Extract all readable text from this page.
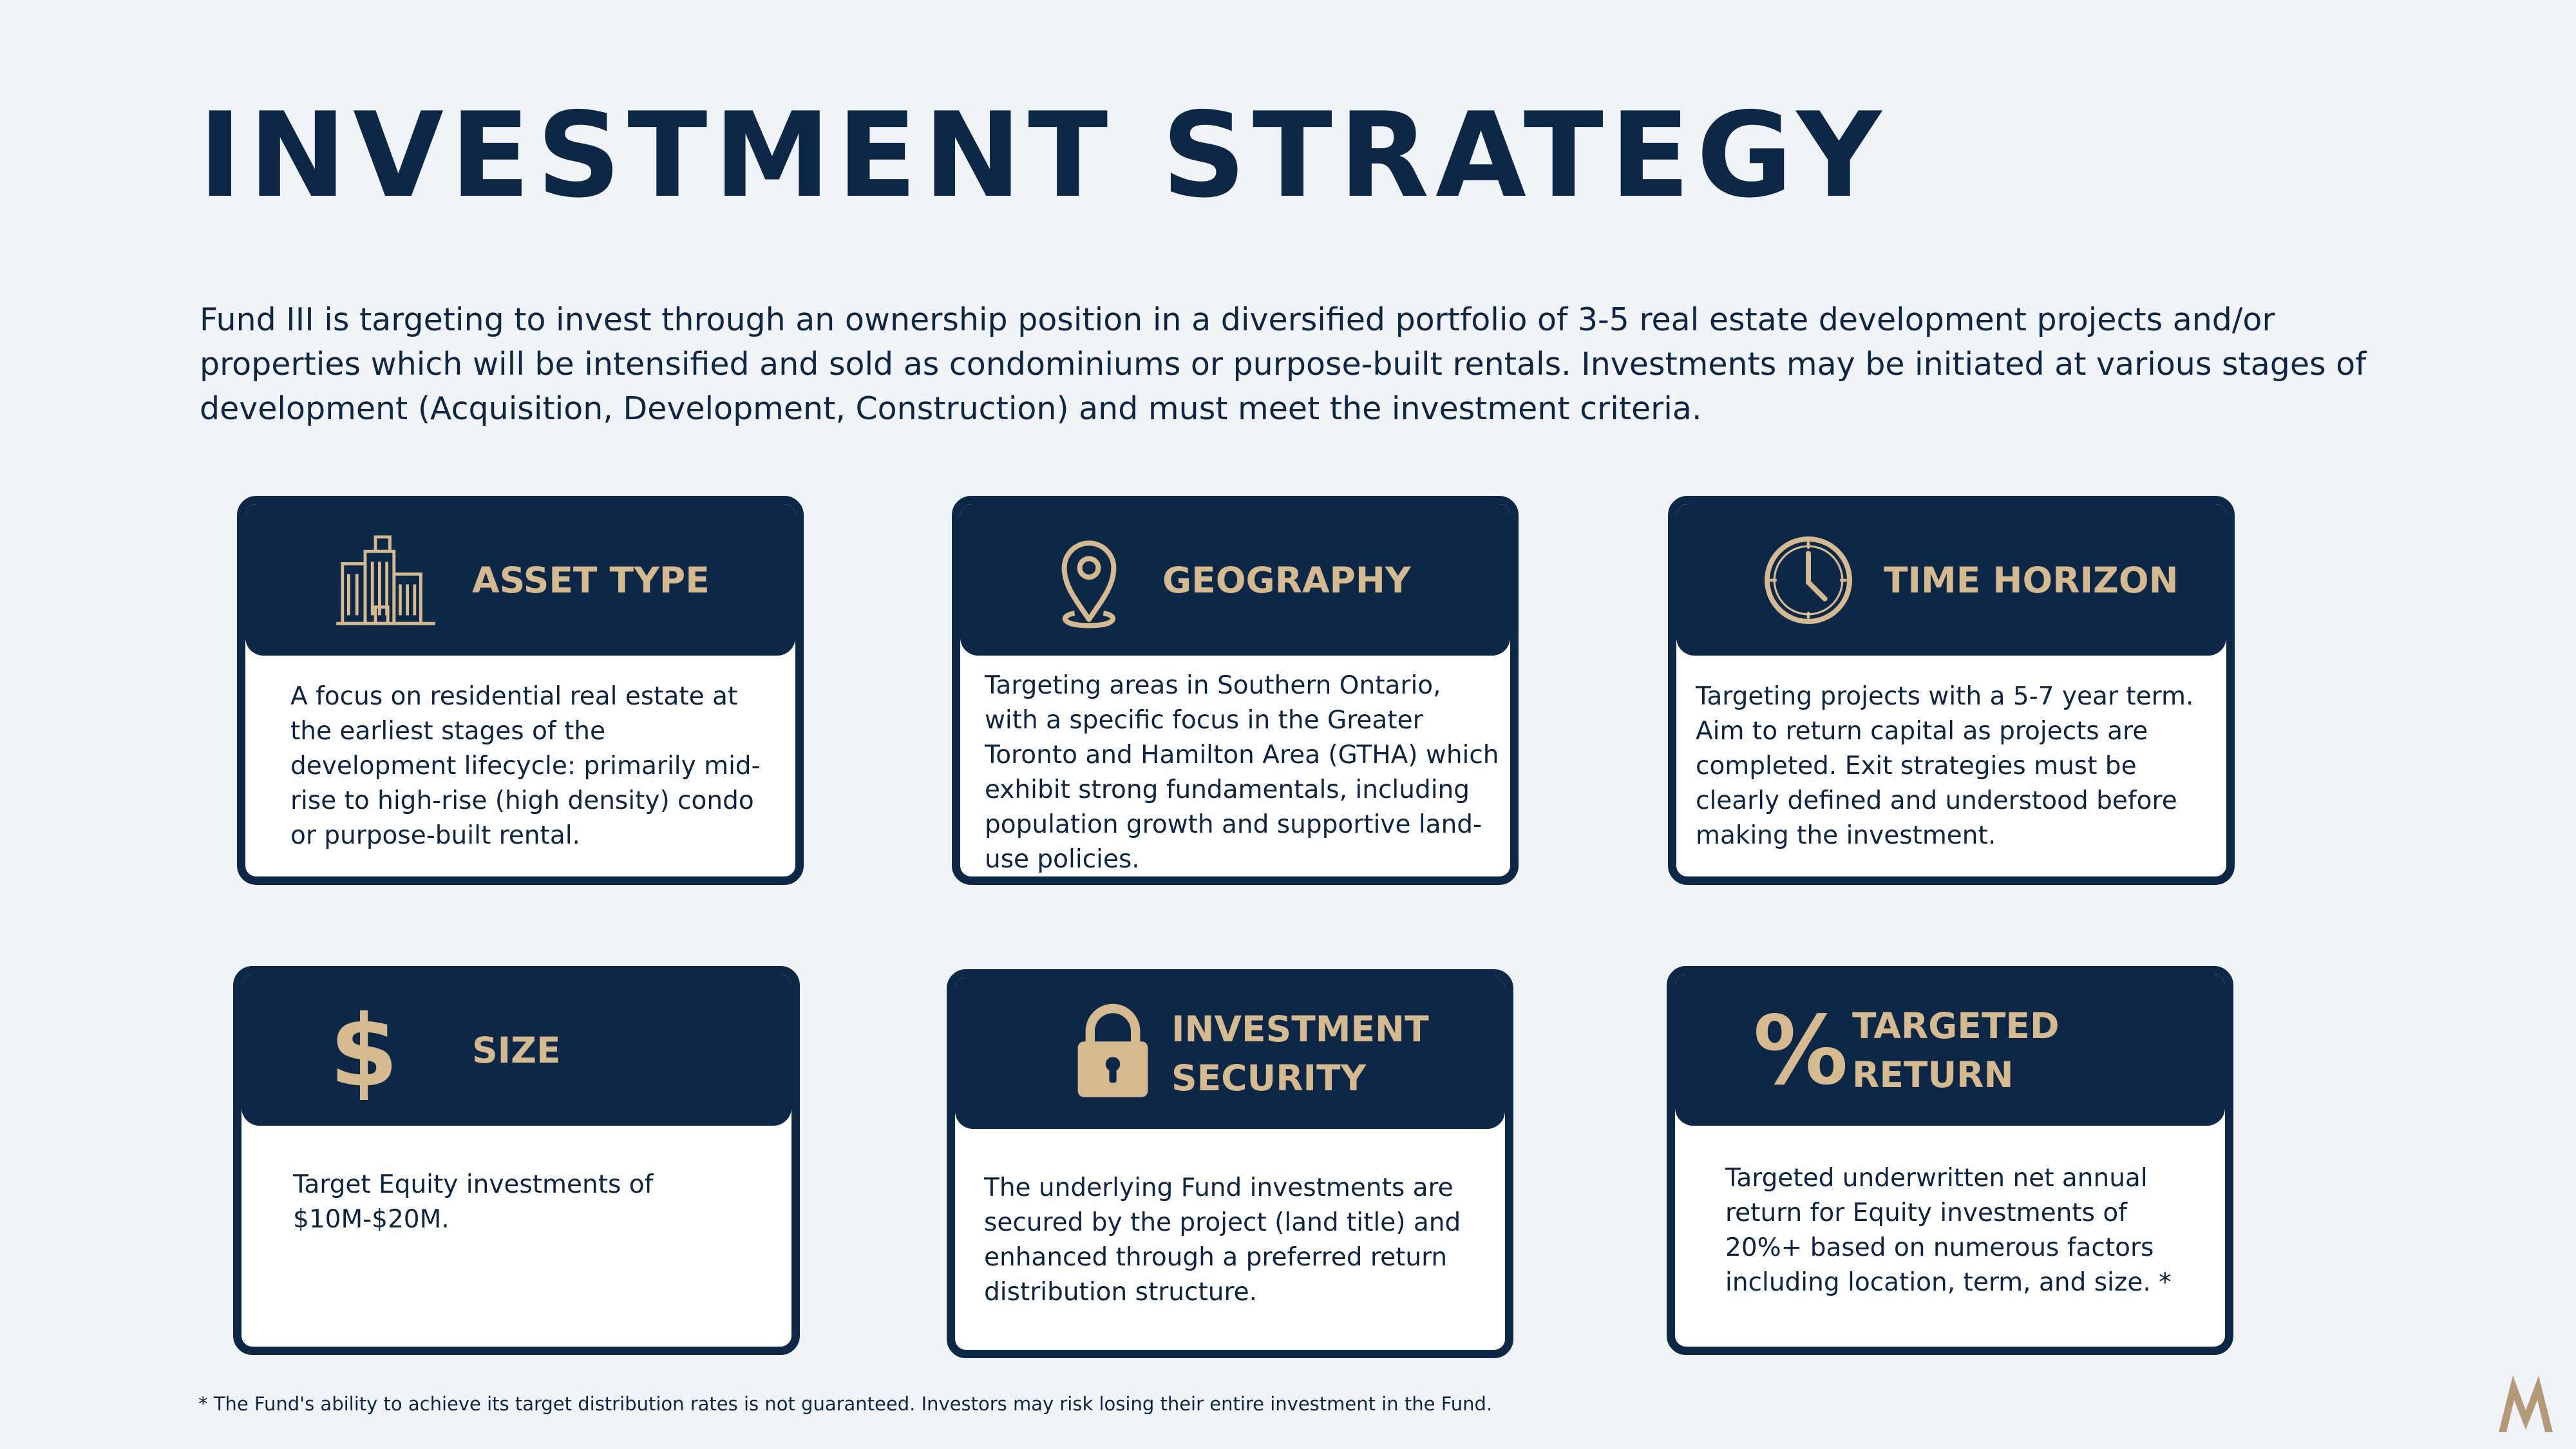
INVESTMENT STRATEGY
Fund III is targeting to invest through an ownership position in a diversified portfolio of 3-5 real estate development projects and/or properties which will be intensified and sold as condominiums or purpose-built rentals. Investments may be initiated at various stages of development (Acquisition, Development, Construction) and must meet the investment criteria.
ASSET TYPE
A focus on residential real estate at the earliest stages of the development lifecycle: primarily mid-rise to high-rise (high density) condo or purpose-built rental.
GEOGRAPHY
Targeting areas in Southern Ontario, with a specific focus in the Greater Toronto and Hamilton Area (GTHA) which exhibit strong fundamentals, including population growth and supportive land-use policies.
TIME HORIZON
Targeting projects with a 5-7 year term. Aim to return capital as projects are completed. Exit strategies must be clearly defined and understood before making the investment.
$ SIZE
Target Equity investments of $10M-$20M.
INVESTMENT
SECURITY
The underlying Fund investments are secured by the project (land title) and enhanced through a preferred return distribution structure.
% TARGETED RETURN
Targeted underwritten net annual return for Equity investments of 20%+ based on numerous factors including location, term, and size. *
* The Fund's ability to achieve its target distribution rates is not guaranteed. Investors may risk losing their entire investment in the Fund.
